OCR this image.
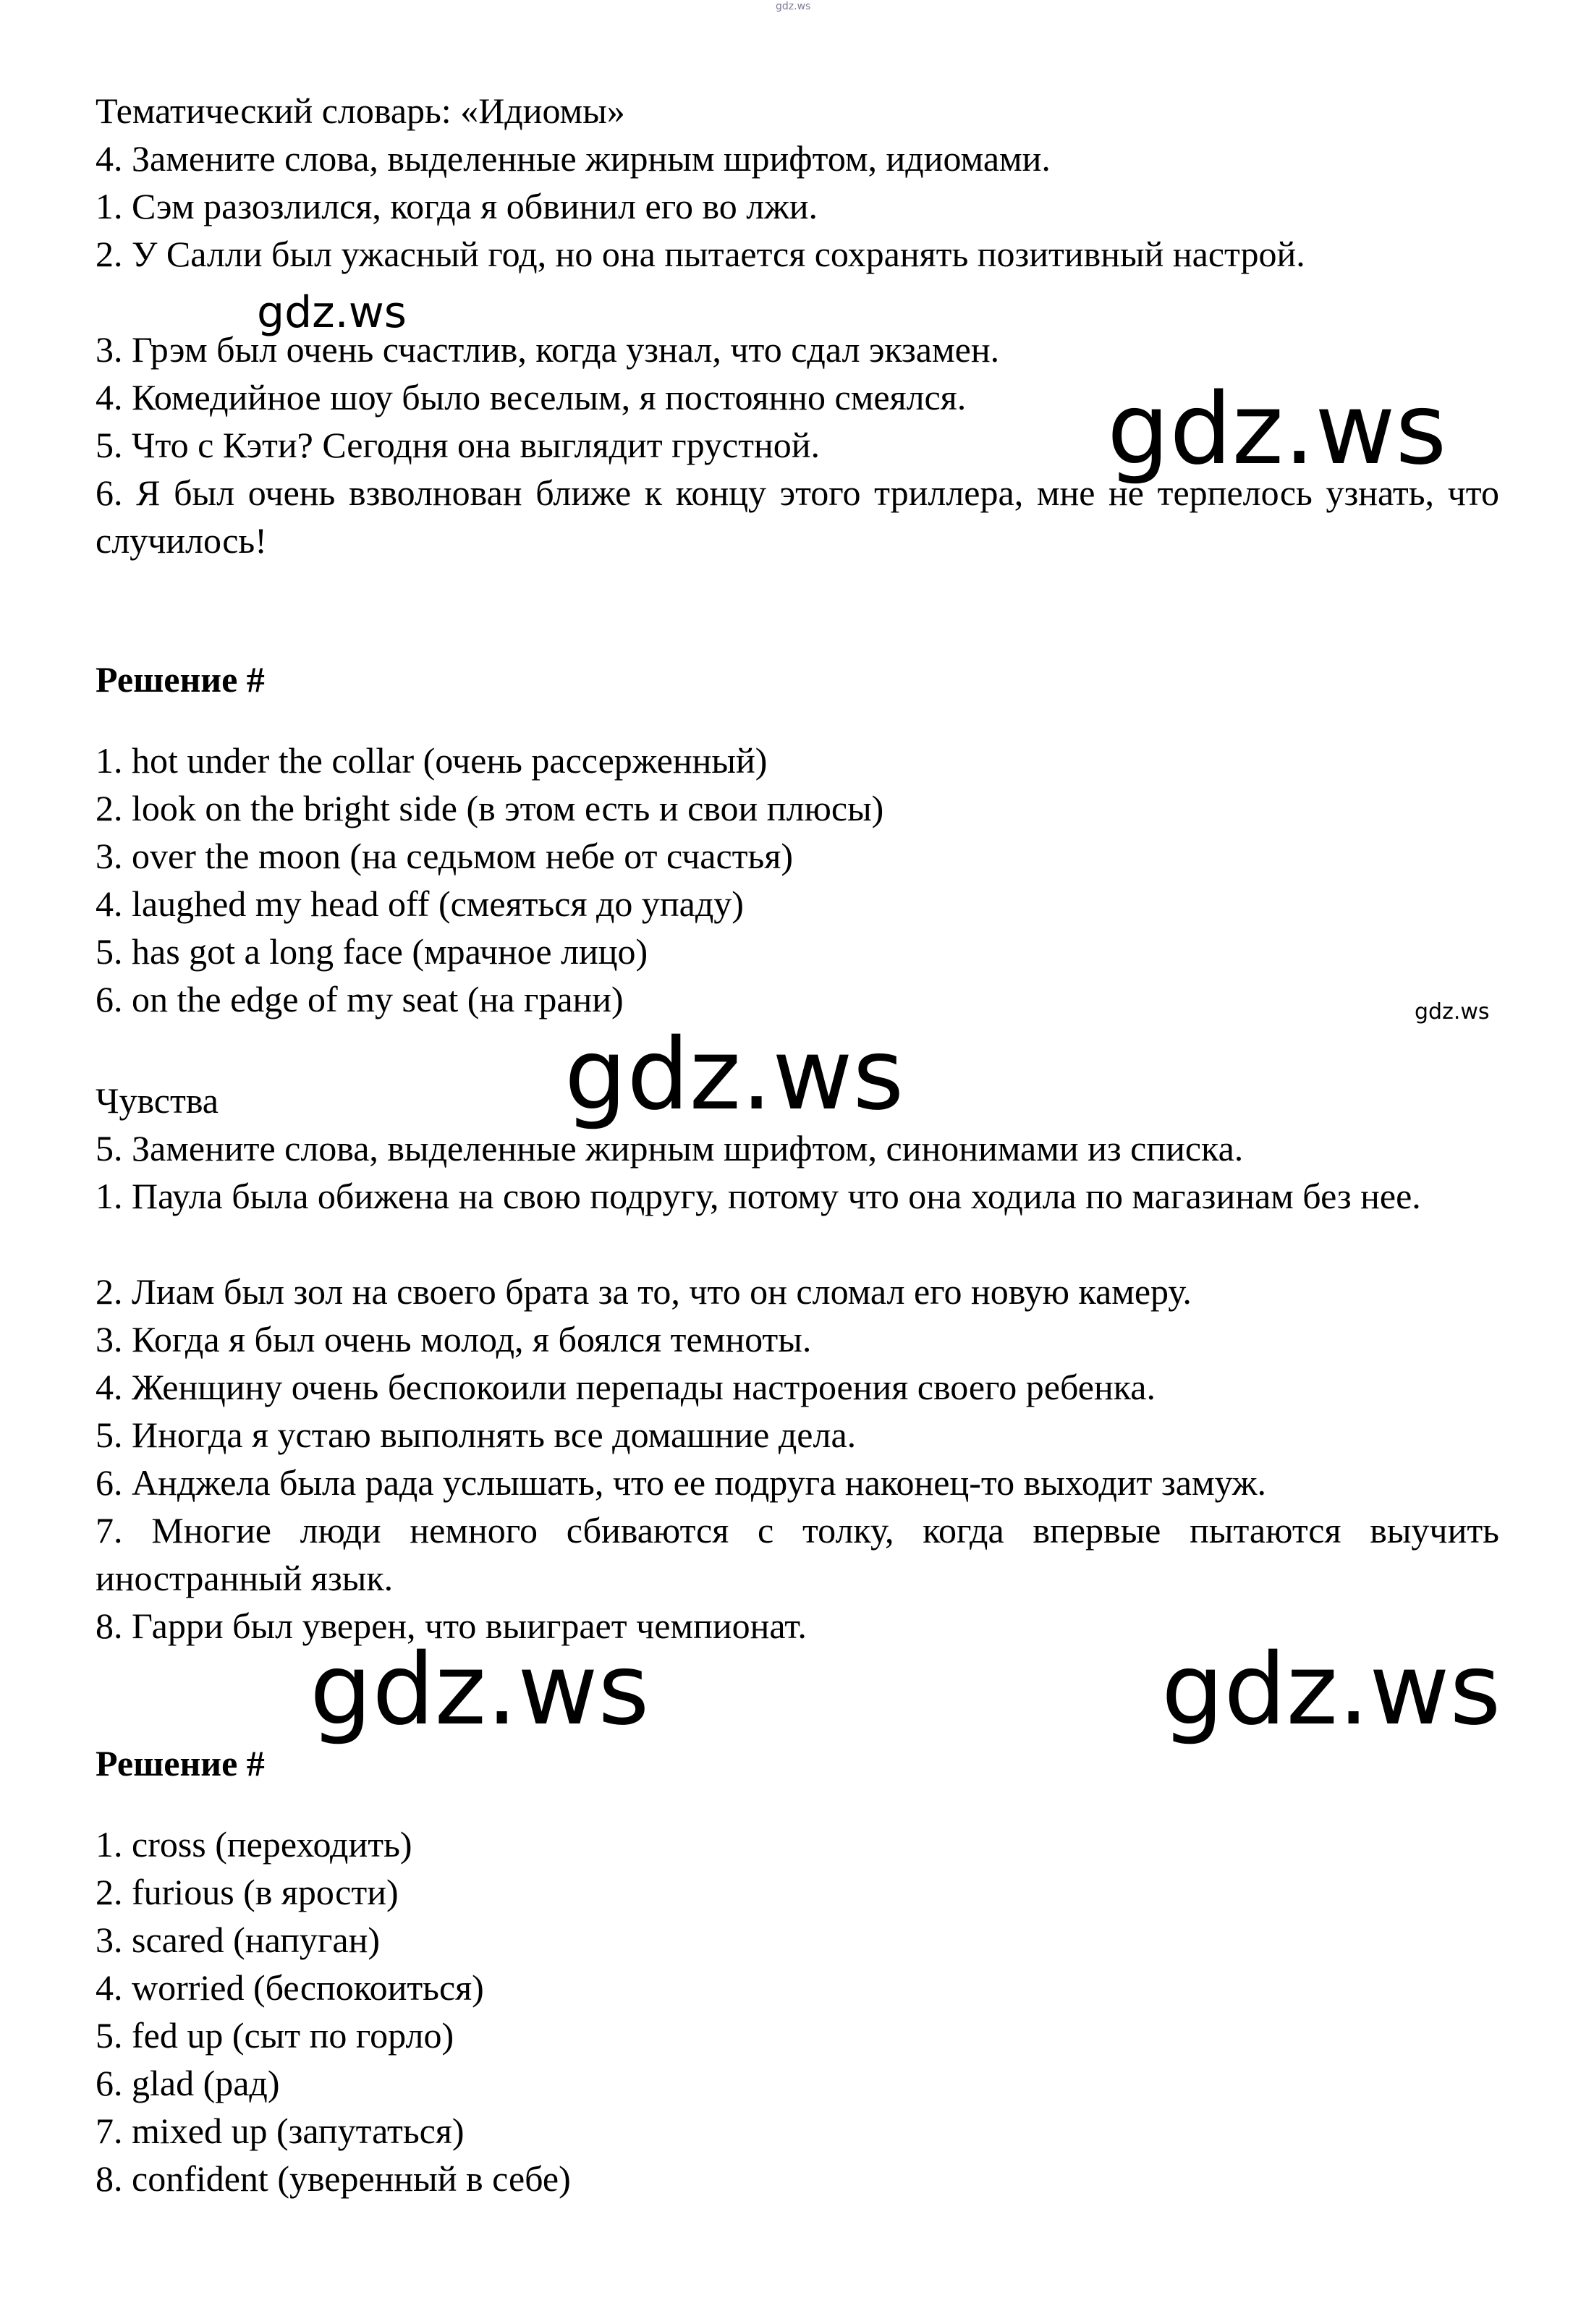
gdz.ws
Тематический словарь: «Идиомы»
4. Замените слова, выделенные жирным шрифтом, идиомами.
1. Сэм разозлился, когда я обвинил его во лжи.
2. У Салли был ужасный год, но она пытается сохранять позитивный настрой.
3. Грэм был очень счастлив, когда узнал, что сдал экзамен.
4. Комедийное шоу было веселым, я постоянно смеялся.
5. Что с Кэти? Сегодня она выглядит грустной.
6. Я был очень взволнован ближе к концу этого триллера, мне не терпелось узнать, что случилось!
Решение #
1. hot under the collar (очень рассерженный)
2. look on the bright side (в этом есть и свои плюсы)
3. over the moon (на седьмом небе от счастья)
4. laughed my head off (смеяться до упаду)
5. has got a long face (мрачное лицо)
6. on the edge of my seat (на грани)
Чувства
5. Замените слова, выделенные жирным шрифтом, синонимами из списка.
1. Паула была обижена на свою подругу, потому что она ходила по магазинам без нее.
2. Лиам был зол на своего брата за то, что он сломал его новую камеру.
3. Когда я был очень молод, я боялся темноты.
4. Женщину очень беспокоили перепады настроения своего ребенка.
5. Иногда я устаю выполнять все домашние дела.
6. Анджела была рада услышать, что ее подруга наконец-то выходит замуж.
7. Многие люди немного сбиваются с толку, когда впервые пытаются выучить иностранный язык.
8. Гарри был уверен, что выиграет чемпионат.
Решение #
1. cross (переходить)
2. furious (в ярости)
3. scared (напуган)
4. worried (беспокоиться)
5. fed up (сыт по горло)
6. glad (рад)
7. mixed up (запутаться)
8. confident (уверенный в себе)
gdz.ws
gdz.ws
gdz.ws
gdz.ws
gdz.ws	gdz.ws
